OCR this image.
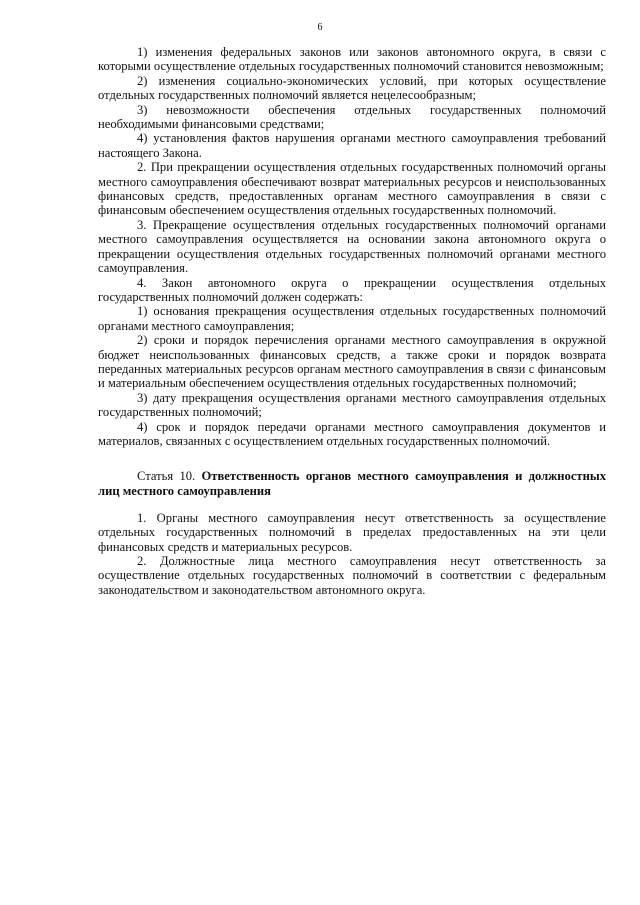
6

1) изменения федеральных законов или законов автономного округа, в связи с которыми осуществление отдельных государственных полномочий становится невозможным;

2) изменения социально-экономических условий, при которых осуществление отдельных государственных полномочий является нецелесообразным;

3) невозможности обеспечения отдельных государственных полномочий необходимыми финансовыми средствами;

4) установления фактов нарушения органами местного самоуправления требований настоящего Закона.

2. При прекращении осуществления отдельных государственных полномочий органы местного самоуправления обеспечивают возврат материальных ресурсов и неиспользованных финансовых средств, предоставленных органам местного самоуправления в связи с финансовым обеспечением осуществления отдельных государственных полномочий.

3. Прекращение осуществления отдельных государственных полномочий органами местного самоуправления осуществляется на основании закона автономного округа о прекращении осуществления отдельных государственных полномочий органами местного самоуправления.

4. Закон автономного округа о прекращении осуществления отдельных государственных полномочий должен содержать:

1) основания прекращения осуществления отдельных государственных полномочий органами местного самоуправления;

2) сроки и порядок перечисления органами местного самоуправления в окружной бюджет неиспользованных финансовых средств, а также сроки и порядок возврата переданных материальных ресурсов органам местного самоуправления в связи с финансовым и материальным обеспечением осуществления отдельных государственных полномочий;

3) дату прекращения осуществления органами местного самоуправления отдельных государственных полномочий;

4) срок и порядок передачи органами местного самоуправления документов и материалов, связанных с осуществлением отдельных государственных полномочий.

Статья 10. Ответственность органов местного самоуправления и должностных лиц местного самоуправления

1. Органы местного самоуправления несут ответственность за осуществление отдельных государственных полномочий в пределах предоставленных на эти цели финансовых средств и материальных ресурсов.

2. Должностные лица местного самоуправления несут ответственность за осуществление отдельных государственных полномочий в соответствии с федеральным законодательством и законодательством автономного округа.
